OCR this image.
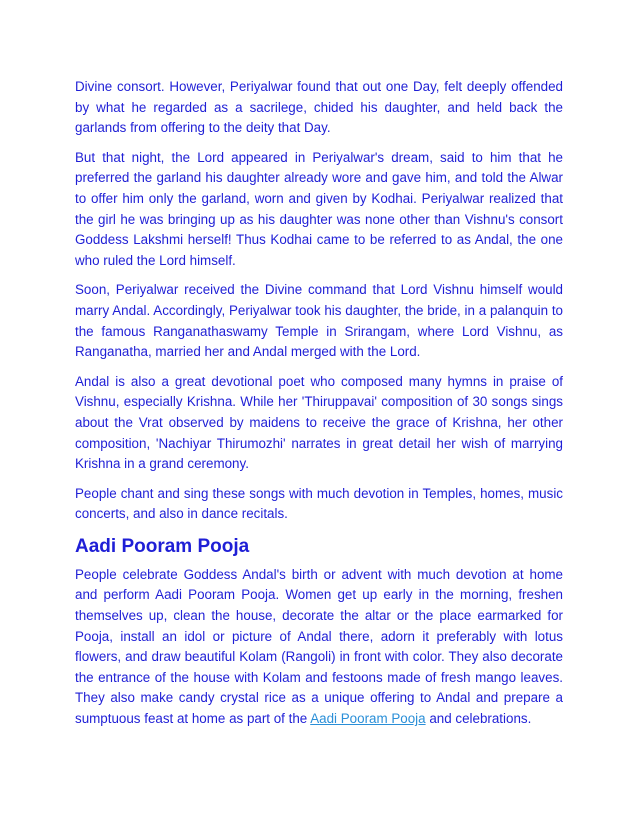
Divine consort. However, Periyalwar found that out one Day, felt deeply offended by what he regarded as a sacrilege, chided his daughter, and held back the garlands from offering to the deity that Day.

But that night, the Lord appeared in Periyalwar's dream, said to him that he preferred the garland his daughter already wore and gave him, and told the Alwar to offer him only the garland, worn and given by Kodhai. Periyalwar realized that the girl he was bringing up as his daughter was none other than Vishnu's consort Goddess Lakshmi herself! Thus Kodhai came to be referred to as Andal, the one who ruled the Lord himself.

Soon, Periyalwar received the Divine command that Lord Vishnu himself would marry Andal. Accordingly, Periyalwar took his daughter, the bride, in a palanquin to the famous Ranganathaswamy Temple in Srirangam, where Lord Vishnu, as Ranganatha, married her and Andal merged with the Lord.

Andal is also a great devotional poet who composed many hymns in praise of Vishnu, especially Krishna. While her 'Thiruppavai' composition of 30 songs sings about the Vrat observed by maidens to receive the grace of Krishna, her other composition, 'Nachiyar Thirumozhi' narrates in great detail her wish of marrying Krishna in a grand ceremony.

People chant and sing these songs with much devotion in Temples, homes, music concerts, and also in dance recitals.

Aadi Pooram Pooja

People celebrate Goddess Andal's birth or advent with much devotion at home and perform Aadi Pooram Pooja. Women get up early in the morning, freshen themselves up, clean the house, decorate the altar or the place earmarked for Pooja, install an idol or picture of Andal there, adorn it preferably with lotus flowers, and draw beautiful Kolam (Rangoli) in front with color. They also decorate the entrance of the house with Kolam and festoons made of fresh mango leaves. They also make candy crystal rice as a unique offering to Andal and prepare a sumptuous feast at home as part of the Aadi Pooram Pooja and celebrations.
